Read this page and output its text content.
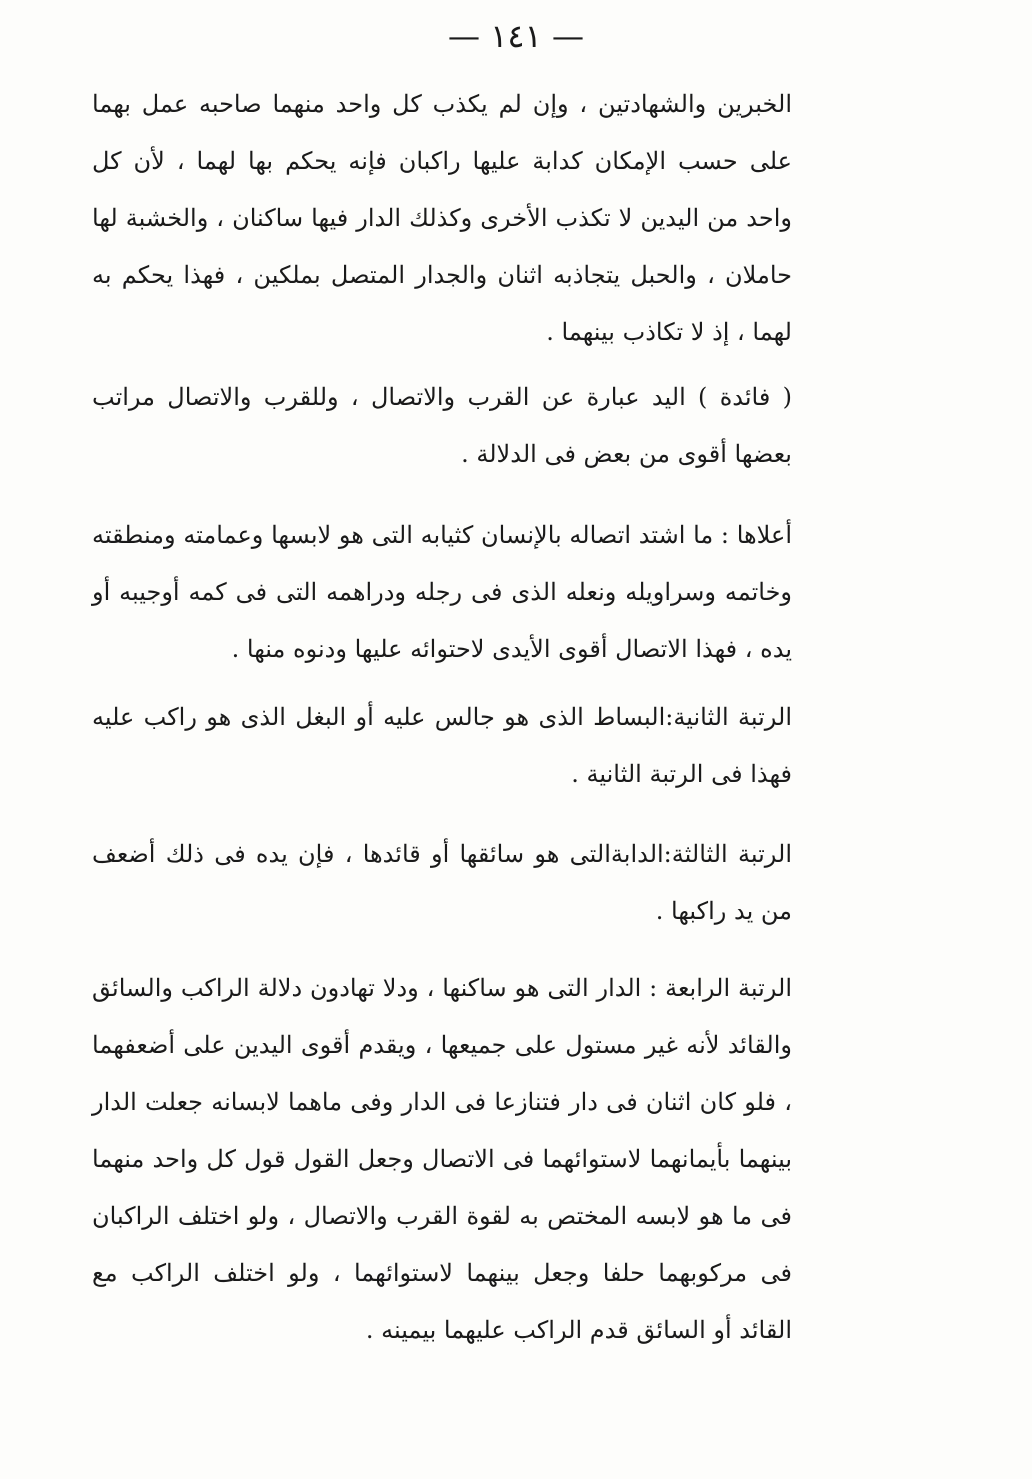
— ١٤١ —

الخبرين والشهادتين ، وإن لم يكذب كل واحد منهما صاحبه عمل بهما على حسب الإمكان كدابة عليها راكبان فإنه يحكم بها لهما ، لأن كل واحد من اليدين لا تكذب الأخرى وكذلك الدار فيها ساكنان ، والخشبة لها حاملان ، والحبل يتجاذبه اثنان والجدار المتصل بملكين ، فهذا يحكم به لهما ، إذ لا تكاذب بينهما .

( فائدة ) اليد عبارة عن القرب والاتصال ، وللقرب والاتصال مراتب بعضها أقوى من بعض فى الدلالة .

أعلاها : ما اشتد اتصاله بالإنسان كثيابه التى هو لابسها وعمامته ومنطقته وخاتمه وسراويله ونعله الذى فى رجله ودراهمه التى فى كمه أوجيبه أو يده ، فهذا الاتصال أقوى الأيدى لاحتوائه عليها ودنوه منها .

الرتبة الثانية:البساط الذى هو جالس عليه أو البغل الذى هو راكب عليه فهذا فى الرتبة الثانية .

الرتبة الثالثة:الدابةالتى هو سائقها أو قائدها ، فإن يده فى ذلك أضعف من يد راكبها .

الرتبة الرابعة : الدار التى هو ساكنها ، ودلا تهادون دلالة الراكب والسائق والقائد لأنه غير مستول على جميعها ، ويقدم أقوى اليدين على أضعفهما ، فلو كان اثنان فى دار فتنازعا فى الدار وفى ماهما لابسانه جعلت الدار بينهما بأيمانهما لاستوائهما فى الاتصال وجعل القول قول كل واحد منهما فى ما هو لابسه المختص به لقوة القرب والاتصال ، ولو اختلف الراكبان فى مركوبهما حلفا وجعل بينهما لاستوائهما ، ولو اختلف الراكب مع القائد أو السائق قدم الراكب عليهما بيمينه .
